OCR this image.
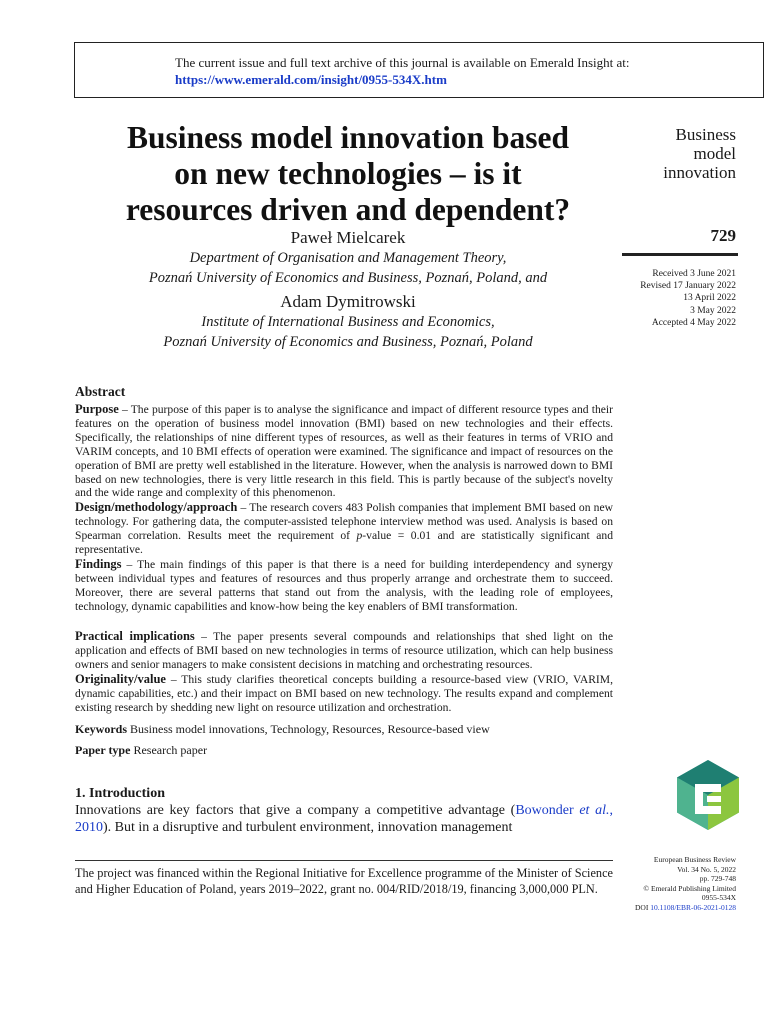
The current issue and full text archive of this journal is available on Emerald Insight at:
https://www.emerald.com/insight/0955-534X.htm
Business model innovation based
on new technologies – is it
resources driven and dependent?
Paweł Mielcarek
Department of Organisation and Management Theory,
Poznań University of Economics and Business, Poznań, Poland, and
Adam Dymitrowski
Institute of International Business and Economics,
Poznań University of Economics and Business, Poznań, Poland
Business
model
innovation
729
Received 3 June 2021
Revised 17 January 2022
13 April 2022
3 May 2022
Accepted 4 May 2022
Abstract
Purpose – The purpose of this paper is to analyse the significance and impact of different resource types and their features on the operation of business model innovation (BMI) based on new technologies and their effects. Specifically, the relationships of nine different types of resources, as well as their features in terms of VRIO and VARIM concepts, and 10 BMI effects of operation were examined. The significance and impact of resources on the operation of BMI are pretty well established in the literature. However, when the analysis is narrowed down to BMI based on new technologies, there is very little research in this field. This is partly because of the subject's novelty and the wide range and complexity of this phenomenon.
Design/methodology/approach – The research covers 483 Polish companies that implement BMI based on new technology. For gathering data, the computer-assisted telephone interview method was used. Analysis is based on Spearman correlation. Results meet the requirement of p-value = 0.01 and are statistically significant and representative.
Findings – The main findings of this paper is that there is a need for building interdependency and synergy between individual types and features of resources and thus properly arrange and orchestrate them to succeed. Moreover, there are several patterns that stand out from the analysis, with the leading role of employees, technology, dynamic capabilities and know-how being the key enablers of BMI transformation.
Practical implications – The paper presents several compounds and relationships that shed light on the application and effects of BMI based on new technologies in terms of resource utilization, which can help business owners and senior managers to make consistent decisions in matching and orchestrating resources.
Originality/value – This study clarifies theoretical concepts building a resource-based view (VRIO, VARIM, dynamic capabilities, etc.) and their impact on BMI based on new technology. The results expand and complement existing research by shedding new light on resource utilization and orchestration.
Keywords Business model innovations, Technology, Resources, Resource-based view
Paper type Research paper
1. Introduction
Innovations are key factors that give a company a competitive advantage (Bowonder et al., 2010). But in a disruptive and turbulent environment, innovation management
The project was financed within the Regional Initiative for Excellence programme of the Minister of Science and Higher Education of Poland, years 2019–2022, grant no. 004/RID/2018/19, financing 3,000,000 PLN.
European Business Review
Vol. 34 No. 5, 2022
pp. 729-748
© Emerald Publishing Limited
0955-534X
DOI 10.1108/EBR-06-2021-0128
